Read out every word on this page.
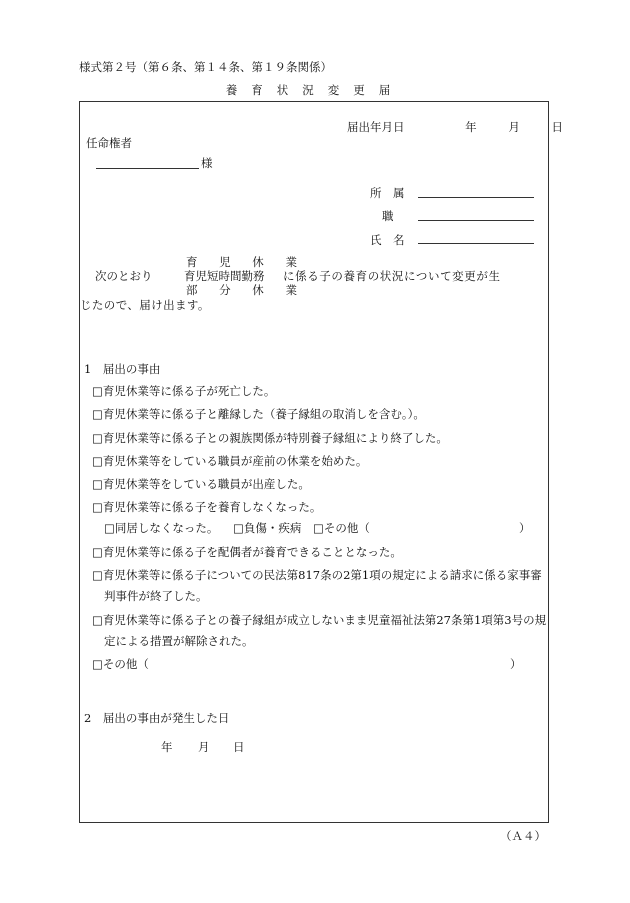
様式第２号（第６条、第１４条、第１９条関係）
養育状況変更届
届出年月日	年	月	日
任命権者
様
所　属
職
氏　名
育 児 休 業
次のとおり	育児短時間勤務 に係る子の養育の状況について変更が生
部 分 休 業
じたので、届け出ます。
1　届出の事由
□育児休業等に係る子が死亡した。
□育児休業等に係る子と離縁した（養子縁組の取消しを含む。）。
□育児休業等に係る子との親族関係が特別養子縁組により終了した。
□育児休業等をしている職員が産前の休業を始めた。
□育児休業等をしている職員が出産した。
□育児休業等に係る子を養育しなくなった。
□同居しなくなった。 □負傷・疾病 □その他（	）
□育児休業等に係る子を配偶者が養育できることとなった。
□育児休業等に係る子についての民法第817条の2第1項の規定による請求に係る家事審
判事件が終了した。
□育児休業等に係る子との養子縁組が成立しないまま児童福祉法第27条第1項第3号の規
定による措置が解除された。
□その他（	）
2　届出の事由が発生した日
年 月 日
（Ａ４）
